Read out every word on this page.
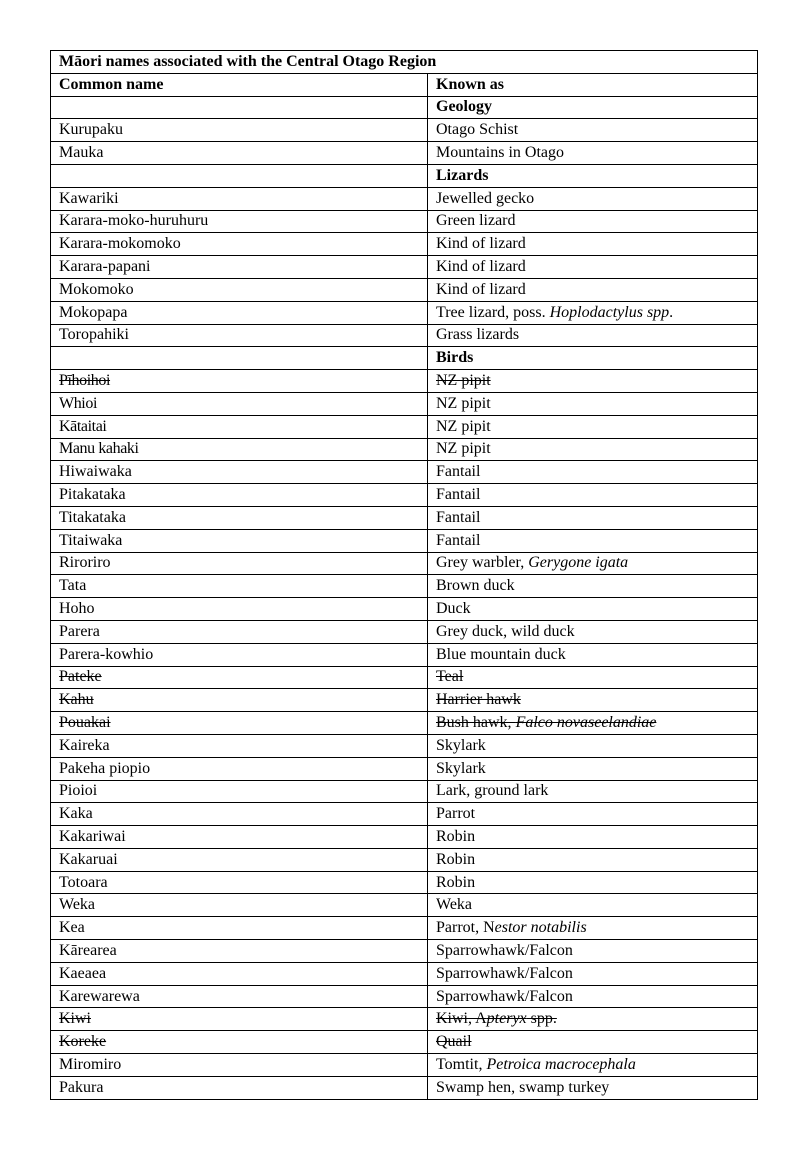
Māori names associated with the Central Otago Region	
Common name	Known as
	Geology
Kurupaku	Otago Schist
Mauka	Mountains in Otago
	Lizards
Kawariki	Jewelled gecko
Karara-moko-huruhuru	Green lizard
Karara-mokomoko	Kind of lizard
Karara-papani	Kind of lizard
Mokomoko	Kind of lizard
Mokopapa	Tree lizard, poss. Hoplodactylus spp.
Toropahiki	Grass lizards
	Birds
Pīhoihoi	NZ pipit
Whioi	NZ pipit
Kātaitai	NZ pipit
Manu kahaki	NZ pipit
Hiwaiwaka	Fantail
Pitakataka	Fantail
Titakataka	Fantail
Titaiwaka	Fantail
Riroriro	Grey warbler, Gerygone igata
Tata	Brown duck
Hoho	Duck
Parera	Grey duck, wild duck
Parera-kowhio	Blue mountain duck
Pateke	Teal
Kahu	Harrier hawk
Pouakai	Bush hawk, Falco novaseelandiae
Kaireka	Skylark
Pakeha piopio	Skylark
Pioioi	Lark, ground lark
Kaka	Parrot
Kakariwai	Robin
Kakaruai	Robin
Totoara	Robin
Weka	Weka
Kea	Parrot, Nestor notabilis
Kārearea	Sparrowhawk/Falcon
Kaeaea	Sparrowhawk/Falcon
Karewarewa	Sparrowhawk/Falcon
Kiwi	Kiwi, Apteryx spp.
Koreke	Quail
Miromiro	Tomtit, Petroica macrocephala
Pakura	Swamp hen, swamp turkey
